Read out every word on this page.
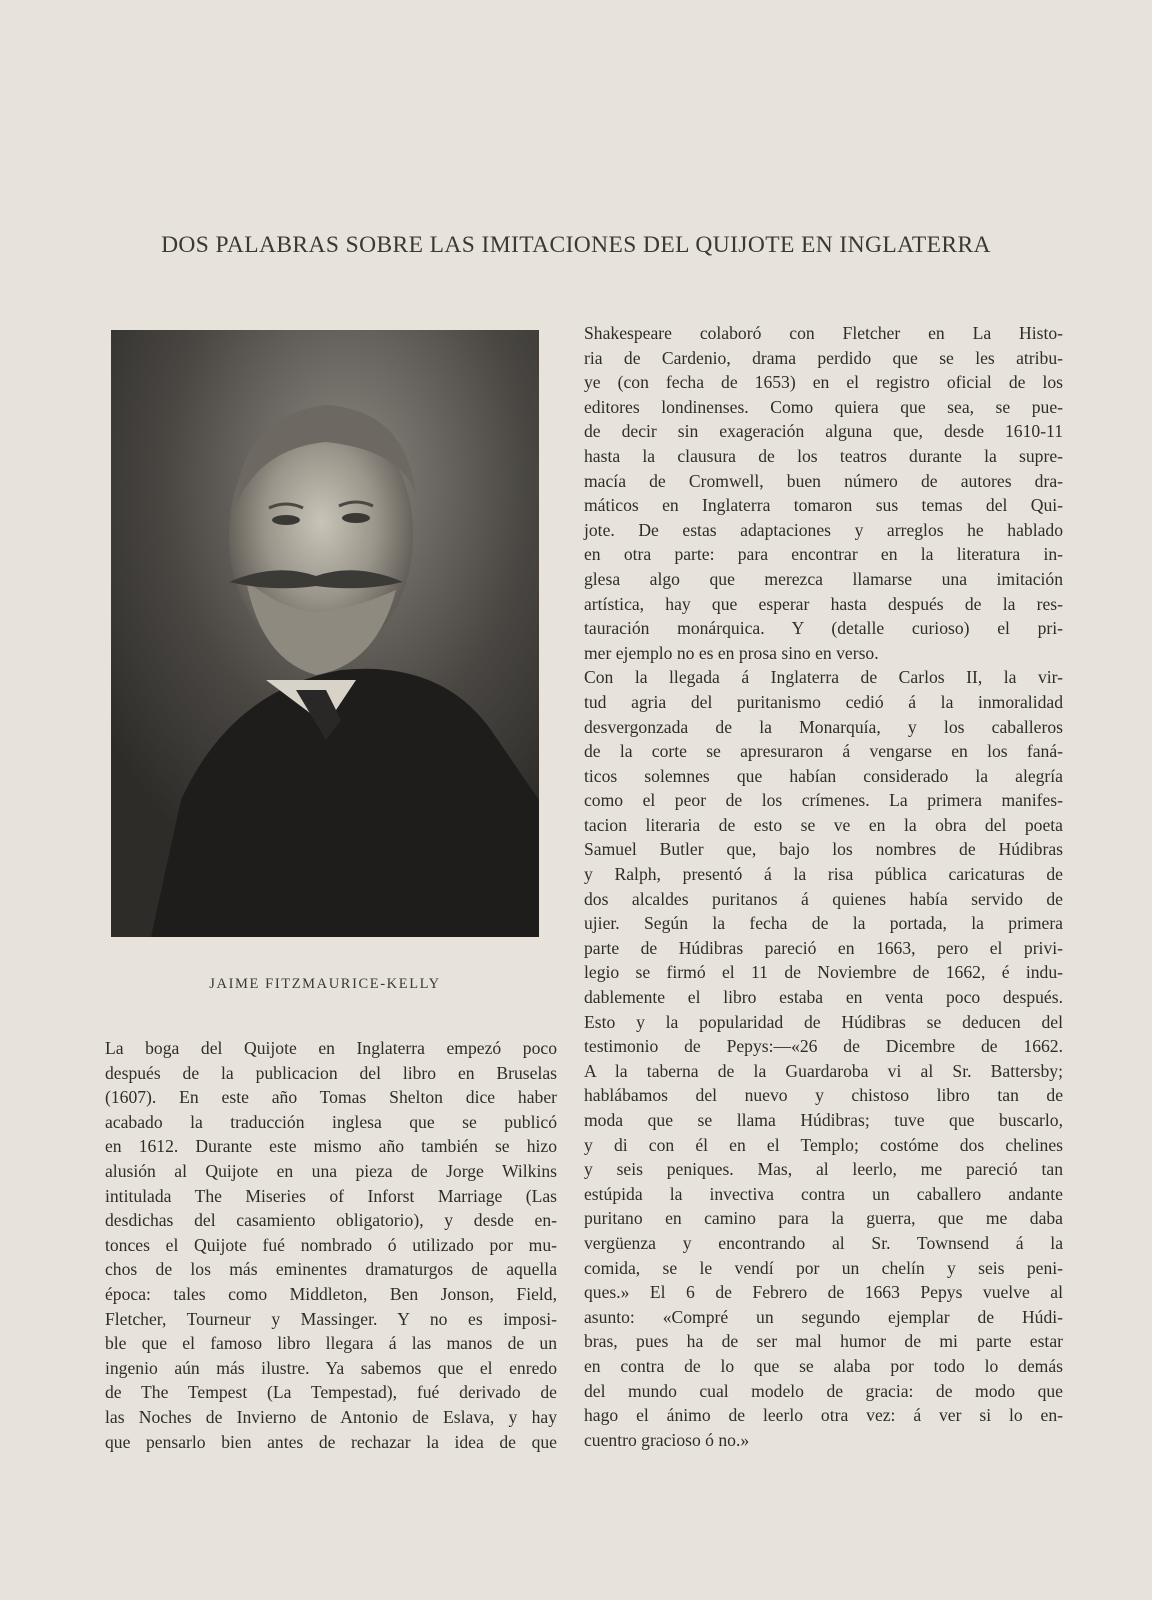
DOS PALABRAS SOBRE LAS IMITACIONES DEL QUIJOTE EN INGLATERRA
JAIME FITZMAURICE-KELLY
La boga del Quijote en Inglaterra empezó poco
después de la publicacion del libro en Bruselas
(1607). En este año Tomas Shelton dice haber
acabado la traducción inglesa que se publicó
en 1612. Durante este mismo año también se hizo
alusión al Quijote en una pieza de Jorge Wilkins
intitulada The Miseries of Inforst Marriage (Las
desdichas del casamiento obligatorio), y desde en-
tonces el Quijote fué nombrado ó utilizado por mu-
chos de los más eminentes dramaturgos de aquella
época: tales como Middleton, Ben Jonson, Field,
Fletcher, Tourneur y Massinger. Y no es imposi-
ble que el famoso libro llegara á las manos de un
ingenio aún más ilustre. Ya sabemos que el enredo
de The Tempest (La Tempestad), fué derivado de
las Noches de Invierno de Antonio de Eslava, y hay
que pensarlo bien antes de rechazar la idea de que
Shakespeare colaboró con Fletcher en La Histo-
ria de Cardenio, drama perdido que se les atribu-
ye (con fecha de 1653) en el registro oficial de los
editores londinenses. Como quiera que sea, se pue-
de decir sin exageración alguna que, desde 1610-11
hasta la clausura de los teatros durante la supre-
macía de Cromwell, buen número de autores dra-
máticos en Inglaterra tomaron sus temas del Qui-
jote. De estas adaptaciones y arreglos he hablado
en otra parte: para encontrar en la literatura in-
glesa algo que merezca llamarse una imitación
artística, hay que esperar hasta después de la res-
tauración monárquica. Y (detalle curioso) el pri-
mer ejemplo no es en prosa sino en verso.
Con la llegada á Inglaterra de Carlos II, la vir-
tud agria del puritanismo cedió á la inmoralidad
desvergonzada de la Monarquía, y los caballeros
de la corte se apresuraron á vengarse en los faná-
ticos solemnes que habían considerado la alegría
como el peor de los crímenes. La primera manifes-
tacion literaria de esto se ve en la obra del poeta
Samuel Butler que, bajo los nombres de Húdibras
y Ralph, presentó á la risa pública caricaturas de
dos alcaldes puritanos á quienes había servido de
ujier. Según la fecha de la portada, la primera
parte de Húdibras pareció en 1663, pero el privi-
legio se firmó el 11 de Noviembre de 1662, é indu-
dablemente el libro estaba en venta poco después.
Esto y la popularidad de Húdibras se deducen del
testimonio de Pepys:—«26 de Dicembre de 1662.
A la taberna de la Guardaroba vi al Sr. Battersby;
hablábamos del nuevo y chistoso libro tan de
moda que se llama Húdibras; tuve que buscarlo,
y di con él en el Templo; costóme dos chelines
y seis peniques. Mas, al leerlo, me pareció tan
estúpida la invectiva contra un caballero andante
puritano en camino para la guerra, que me daba
vergüenza y encontrando al Sr. Townsend á la
comida, se le vendí por un chelín y seis peni-
ques.» El 6 de Febrero de 1663 Pepys vuelve al
asunto: «Compré un segundo ejemplar de Húdi-
bras, pues ha de ser mal humor de mi parte estar
en contra de lo que se alaba por todo lo demás
del mundo cual modelo de gracia: de modo que
hago el ánimo de leerlo otra vez: á ver si lo en-
cuentro gracioso ó no.»
